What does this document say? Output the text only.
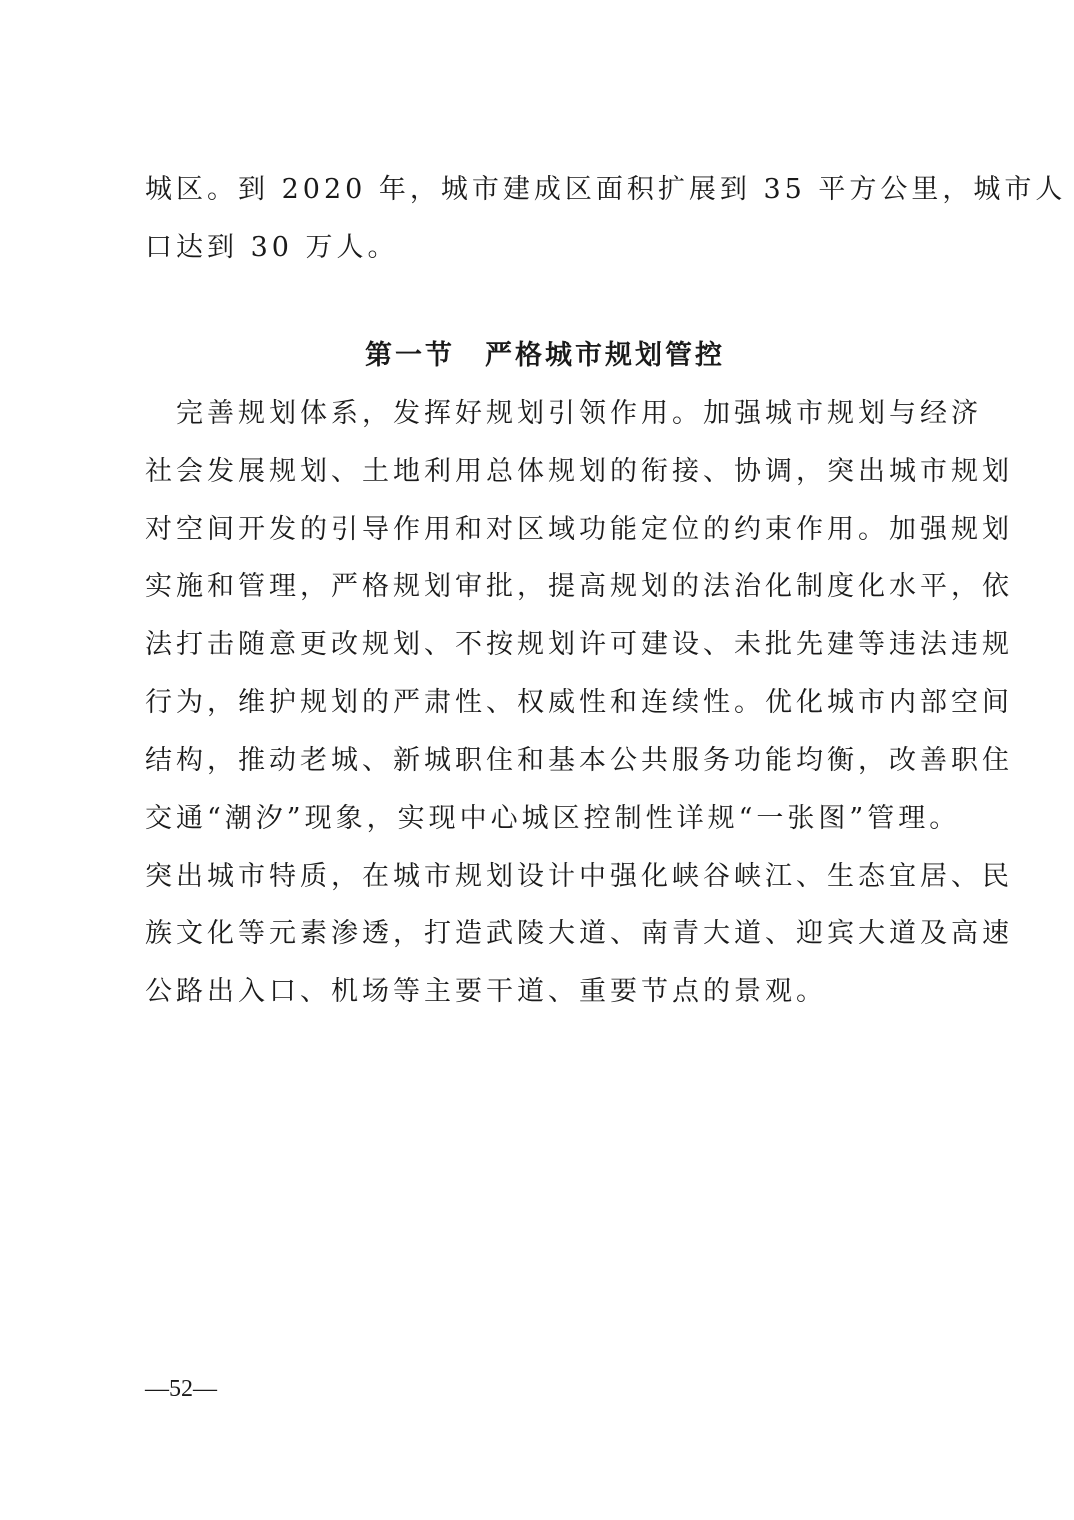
城区。到 2020 年，城市建成区面积扩展到 35 平方公里，城市人
口达到 30 万人。
第一节　严格城市规划管控
　完善规划体系，发挥好规划引领作用。加强城市规划与经济
社会发展规划、土地利用总体规划的衔接、协调，突出城市规划
对空间开发的引导作用和对区域功能定位的约束作用。加强规划
实施和管理，严格规划审批，提高规划的法治化制度化水平，依
法打击随意更改规划、不按规划许可建设、未批先建等违法违规
行为，维护规划的严肃性、权威性和连续性。优化城市内部空间
结构，推动老城、新城职住和基本公共服务功能均衡，改善职住
交通“潮汐”现象，实现中心城区控制性详规“一张图”管理。
突出城市特质，在城市规划设计中强化峡谷峡江、生态宜居、民
族文化等元素渗透，打造武陵大道、南青大道、迎宾大道及高速
公路出入口、机场等主要干道、重要节点的景观。
—52—
